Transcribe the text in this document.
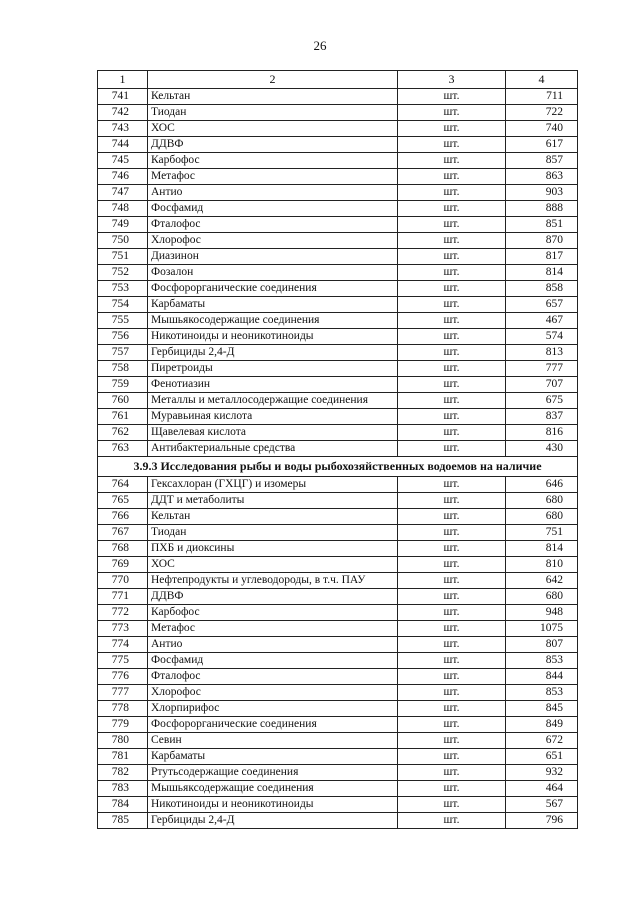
26
1	2	3	4
741	Кельтан	шт.	711
742	Тиодан	шт.	722
743	ХОС	шт.	740
744	ДДВФ	шт.	617
745	Карбофос	шт.	857
746	Метафос	шт.	863
747	Антио	шт.	903
748	Фосфамид	шт.	888
749	Фталофос	шт.	851
750	Хлорофос	шт.	870
751	Диазинон	шт.	817
752	Фозалон	шт.	814
753	Фосфорорганические соединения	шт.	858
754	Карбаматы	шт.	657
755	Мышьякосодержащие соединения	шт.	467
756	Никотиноиды и неоникотиноиды	шт.	574
757	Гербициды 2,4-Д	шт.	813
758	Пиретроиды	шт.	777
759	Фенотиазин	шт.	707
760	Металлы и металлосодержащие соединения	шт.	675
761	Муравьиная кислота	шт.	837
762	Щавелевая кислота	шт.	816
763	Антибактериальные средства	шт.	430
3.9.3 Исследования рыбы и воды рыбохозяйственных водоемов на наличие			
764	Гексахлоран (ГХЦГ) и изомеры	шт.	646
765	ДДТ и метаболиты	шт.	680
766	Кельтан	шт.	680
767	Тиодан	шт.	751
768	ПХБ и диоксины	шт.	814
769	ХОС	шт.	810
770	Нефтепродукты и углеводороды, в т.ч. ПАУ	шт.	642
771	ДДВФ	шт.	680
772	Карбофос	шт.	948
773	Метафос	шт.	1075
774	Антио	шт.	807
775	Фосфамид	шт.	853
776	Фталофос	шт.	844
777	Хлорофос	шт.	853
778	Хлорпирифос	шт.	845
779	Фосфорорганические соединения	шт.	849
780	Севин	шт.	672
781	Карбаматы	шт.	651
782	Ртутьсодержащие соединения	шт.	932
783	Мышьяксодержащие соединения	шт.	464
784	Никотиноиды и неоникотиноиды	шт.	567
785	Гербициды 2,4-Д	шт.	796
